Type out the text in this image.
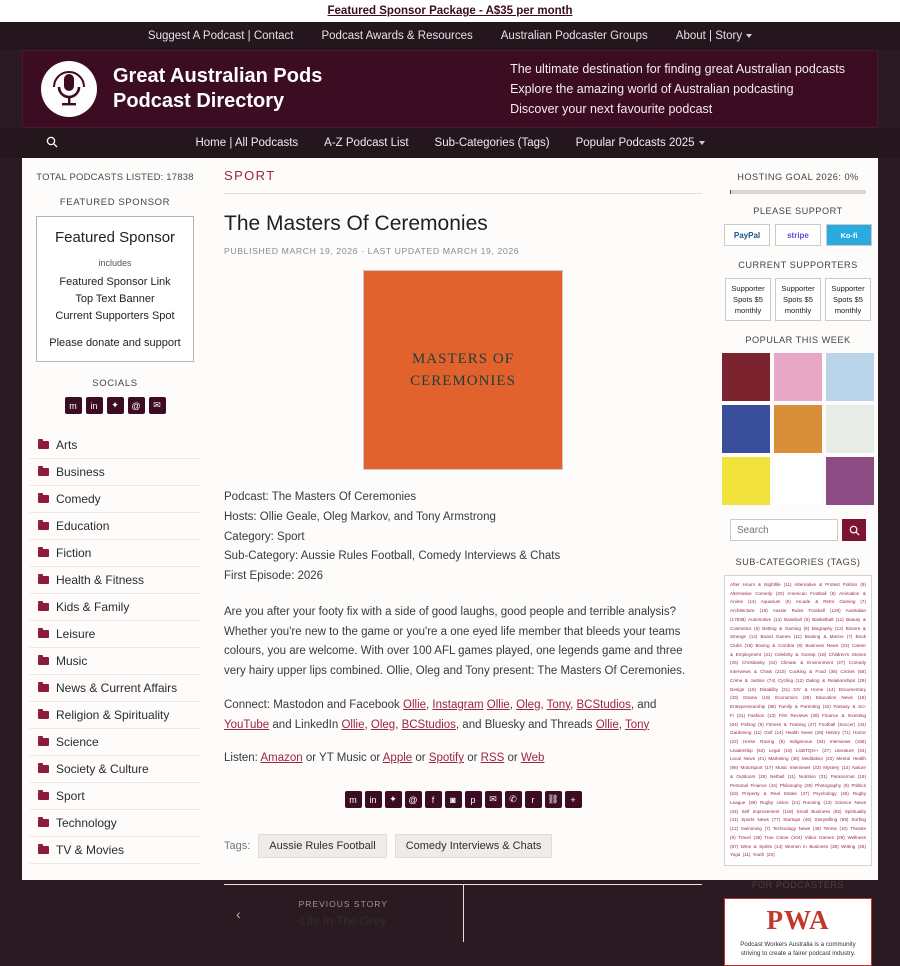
Featured Sponsor Package - A$35 per month
Suggest A Podcast | Contact Podcast Awards & Resources Australian Podcaster Groups About | Story
Great Australian Pods
Podcast Directory
The ultimate destination for finding great Australian podcasts
Explore the amazing world of Australian podcasting
Discover your next favourite podcast
Home | All Podcasts A-Z Podcast List Sub-Categories (Tags) Popular Podcasts 2025
TOTAL PODCASTS LISTED: 17838
FEATURED SPONSOR
Featured Sponsor
includes
Featured Sponsor Link
Top Text Banner
Current Supporters Spot
Please donate and support
SOCIALS
m	in	✦	@	✉
Arts
Business
Comedy
Education
Fiction
Health & Fitness
Kids & Family
Leisure
Music
News & Current Affairs
Religion & Spirituality
Science
Society & Culture
Sport
Technology
TV & Movies
SPORT
The Masters Of Ceremonies
PUBLISHED MARCH 19, 2026 · LAST UPDATED MARCH 19, 2026
MASTERS OF CEREMONIES
Podcast: The Masters Of Ceremonies
Hosts: Ollie Geale, Oleg Markov, and Tony Armstrong
Category: Sport
Sub-Category: Aussie Rules Football, Comedy Interviews & Chats
First Episode: 2026
Are you after your footy fix with a side of good laughs, good people and terrible analysis? Whether you're new to the game or you're a one eyed life member that bleeds your teams colours, you are welcome. With over 100 AFL games played, one legends game and three very hairy upper lips combined. Ollie, Oleg and Tony present: The Masters Of Ceremonies.
Connect: Mastodon and Facebook Ollie, Instagram Ollie, Oleg, Tony, BCStudios, and YouTube and LinkedIn Ollie, Oleg, BCStudios, and Bluesky and Threads Ollie, Tony
Listen: Amazon or YT Music or Apple or Spotify or RSS or Web
m	in	✦	@	f	◙	p	✉	✆	r	⛓	+
Tags:	Aussie Rules Football	Comedy Interviews & Chats
‹
PREVIOUS STORY
Life In The Grey
HOSTING GOAL 2026: 0%
PLEASE SUPPORT
PayPal	stripe	Ko-fi
CURRENT SUPPORTERS
Supporter Spots $5 monthly
Supporter Spots $5 monthly
Supporter Spots $5 monthly
POPULAR THIS WEEK
Search
SUB-CATEGORIES (TAGS)
After Hours & Nightlife (11) Alternative & Protest Politics (9) Alternative Comedy (20) American Football (8) Animation & Anime (14) Aquarium (5) Arcade & Retro Gaming (7) Architecture (19) Aussie Rules Football (126) Australian (17838) Automotive (14) Baseball (5) Basketball (11) Beauty & Cosmetics (6) Betting & Gaming (9) Biography (12) Bizarre & Strange (14) Board Games (11) Boating & Marine (7) Book Clubs (18) Boxing & Combat (9) Business News (22) Career & Employment (31) Celebrity & Gossip (18) Children's Stories (25) Christianity (44) Climate & Environment (27) Comedy Interviews & Chats (210) Cooking & Food (36) Cricket (58) Crime & Justice (74) Cycling (12) Dating & Relationships (29) Design (16) Disability (21) DIY & Home (14) Documentary (33) Drama (19) Economics (26) Education News (18) Entrepreneurship (88) Family & Parenting (42) Fantasy & Sci-Fi (31) Fashion (13) Film Reviews (38) Finance & Investing (64) Fishing (9) Fitness & Training (47) Football (Soccer) (44) Gardening (11) Golf (14) Health News (29) History (71) Horror (22) Horse Racing (8) Indigenous (34) Interviews (156) Leadership (52) Legal (19) LGBTQIA+ (27) Literature (24) Local News (41) Marketing (38) Meditation (22) Mental Health (96) Motorsport (17) Music Interviews (33) Mystery (14) Nature & Outdoors (28) Netball (11) Nutrition (31) Paranormal (19) Personal Finance (44) Philosophy (26) Photography (9) Politics (63) Property & Real Estate (37) Psychology (48) Rugby League (39) Rugby Union (21) Running (13) Science News (34) Self Improvement (118) Small Business (92) Spirituality (41) Sports News (77) Startups (46) Storytelling (58) Surfing (12) Swimming (7) Technology News (49) Tennis (10) Theatre (8) Travel (36) True Crime (104) Video Games (29) Wellness (87) Wine & Spirits (14) Women in Business (38) Writing (26) Yoga (11) Youth (23)
FOR PODCASTERS
PWA
Podcast Workers Australia is a community striving to create a fairer podcast industry.
